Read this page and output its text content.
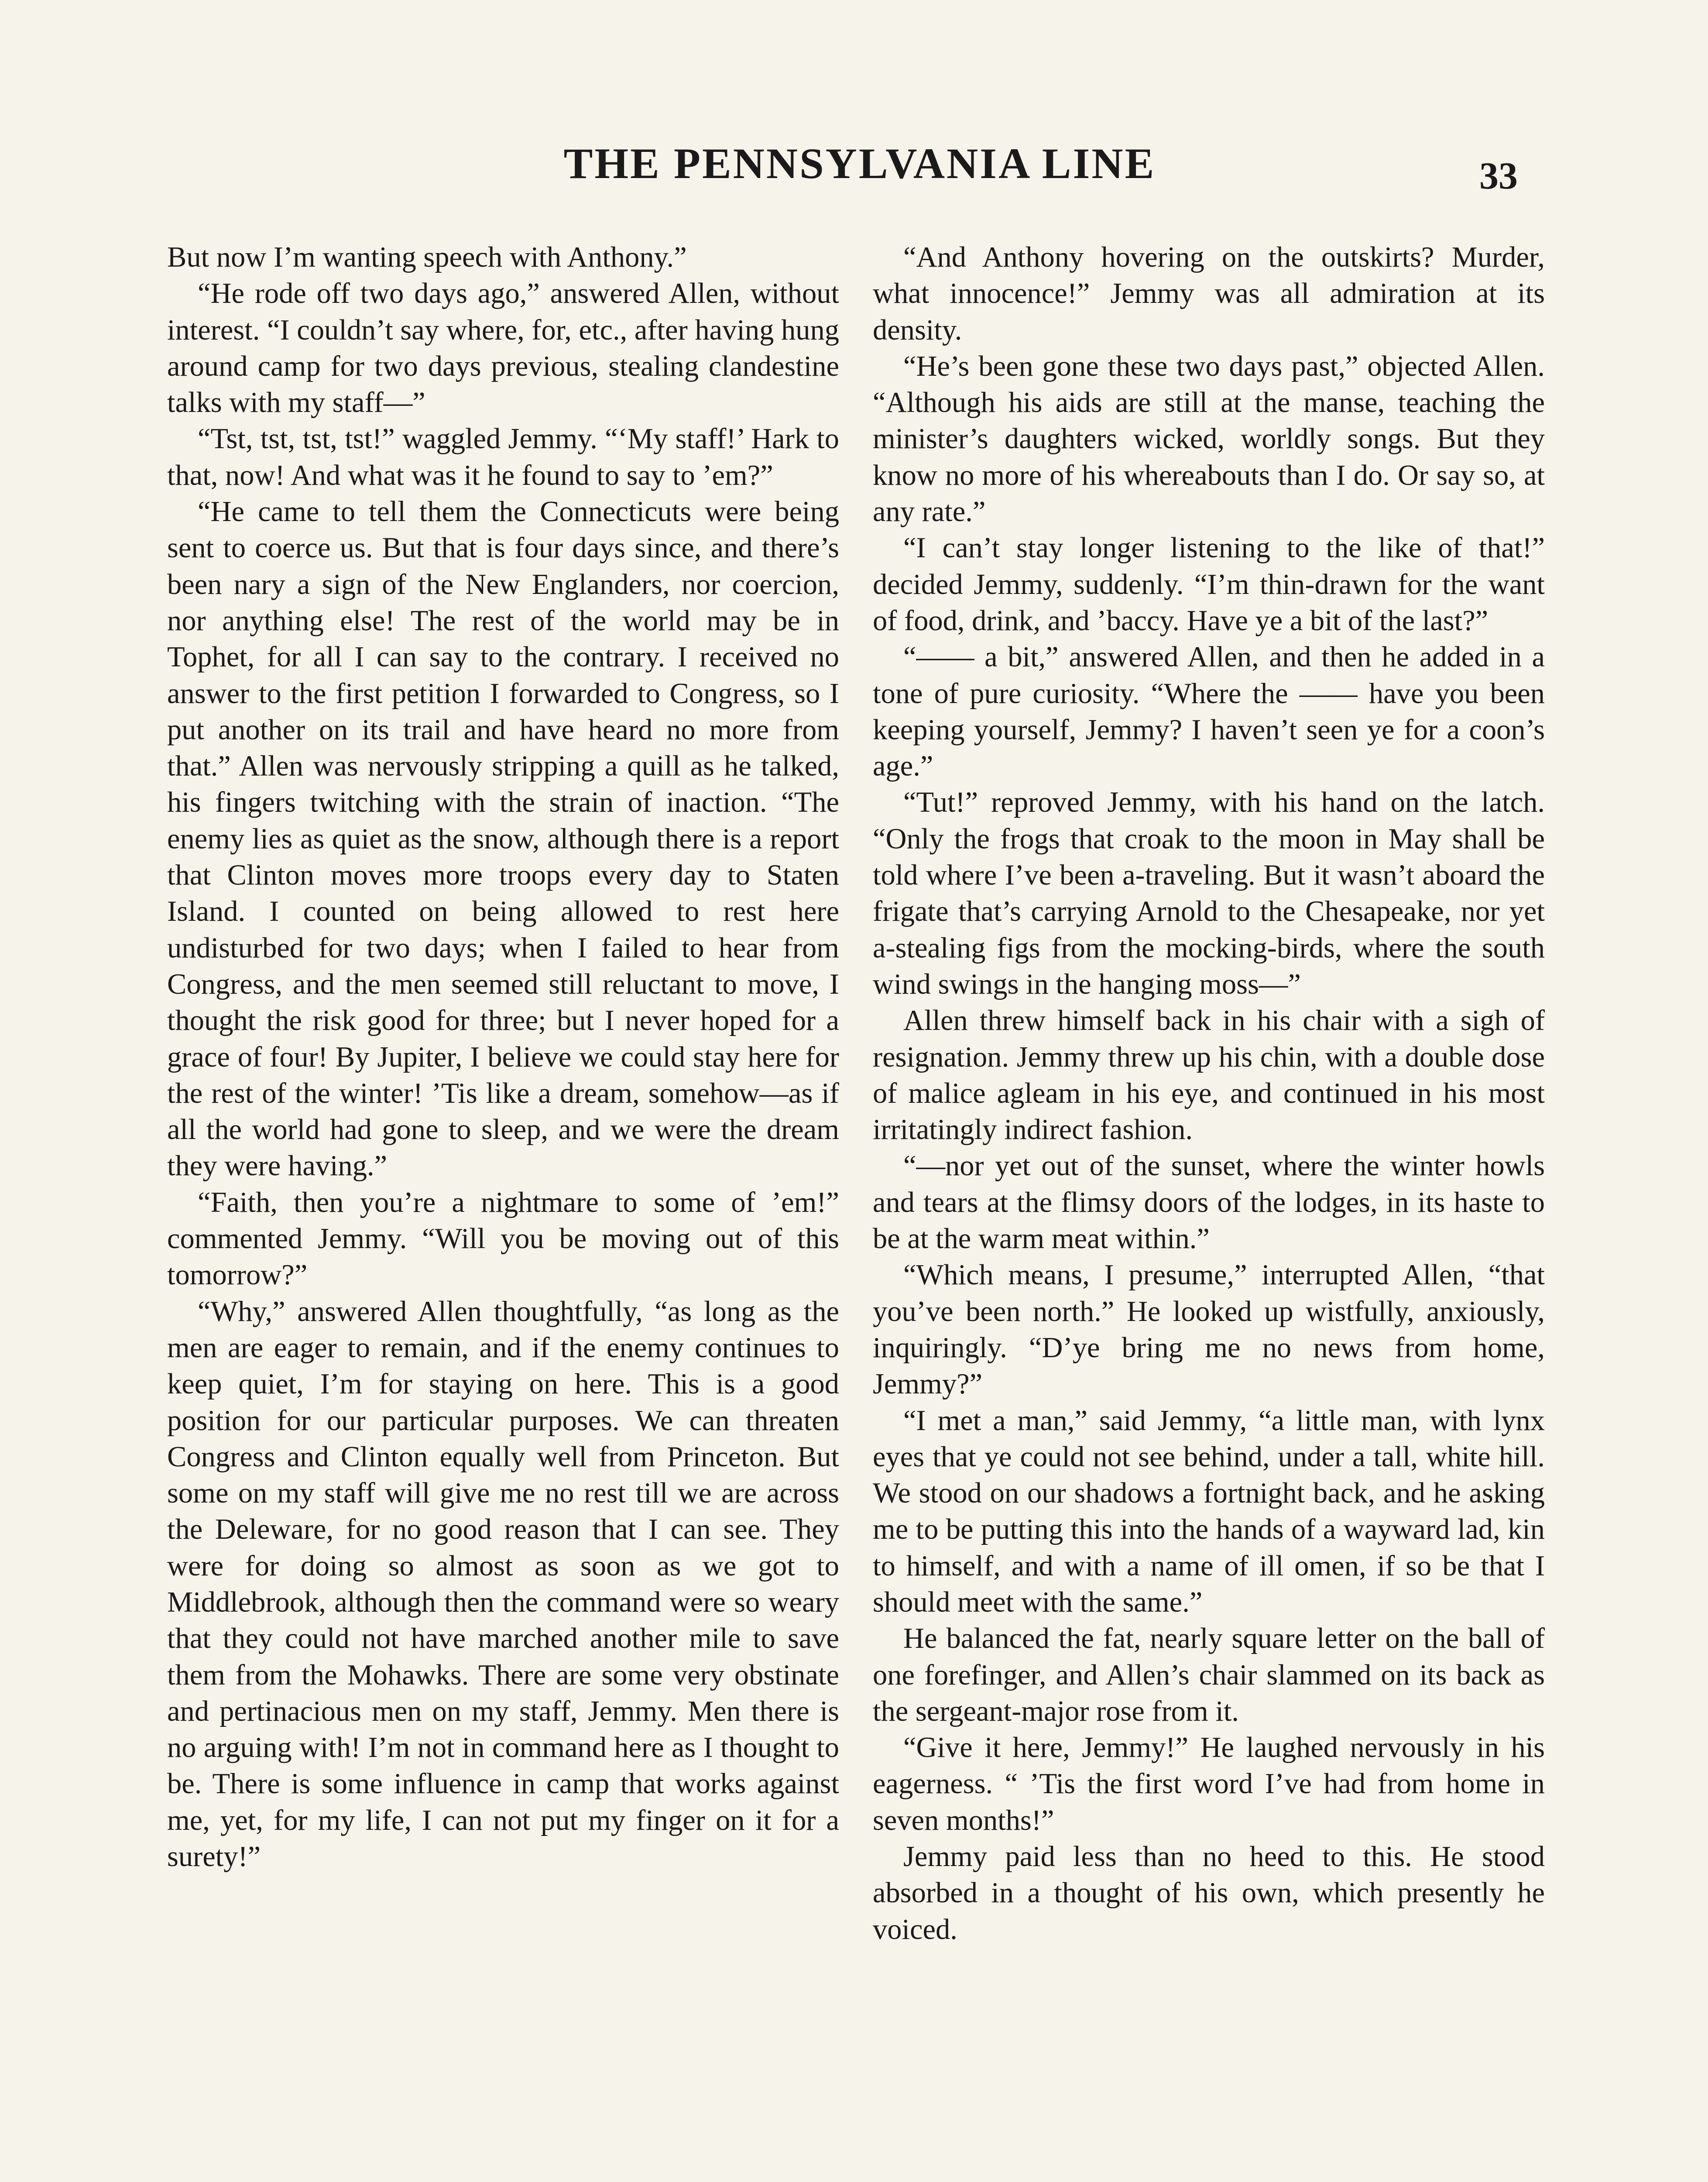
THE PENNSYLVANIA LINE	33

But now I’m wanting speech with Anthony.”

“He rode off two days ago,” answered Allen, without interest. “I couldn’t say where, for, etc., after having hung around camp for two days previous, stealing clandestine talks with my staff—”

“Tst, tst, tst, tst!” waggled Jemmy. “‘My staff!’ Hark to that, now! And what was it he found to say to ’em?”

“He came to tell them the Connecticuts were being sent to coerce us. But that is four days since, and there’s been nary a sign of the New Englanders, nor coercion, nor anything else! The rest of the world may be in Tophet, for all I can say to the contrary. I received no answer to the first petition I forwarded to Congress, so I put another on its trail and have heard no more from that.” Allen was nervously stripping a quill as he talked, his fingers twitching with the strain of inaction. “The enemy lies as quiet as the snow, although there is a report that Clinton moves more troops every day to Staten Island. I counted on being allowed to rest here undisturbed for two days; when I failed to hear from Congress, and the men seemed still reluctant to move, I thought the risk good for three; but I never hoped for a grace of four! By Jupiter, I believe we could stay here for the rest of the winter! ’Tis like a dream, somehow—as if all the world had gone to sleep, and we were the dream they were having.”

“Faith, then you’re a nightmare to some of ’em!” commented Jemmy. “Will you be moving out of this tomorrow?”

“Why,” answered Allen thoughtfully, “as long as the men are eager to remain, and if the enemy continues to keep quiet, I’m for staying on here. This is a good position for our particular purposes. We can threaten Congress and Clinton equally well from Princeton. But some on my staff will give me no rest till we are across the Deleware, for no good reason that I can see. They were for doing so almost as soon as we got to Middlebrook, although then the command were so weary that they could not have marched another mile to save them from the Mohawks. There are some very obstinate and pertinacious men on my staff, Jemmy. Men there is no arguing with! I’m not in command here as I thought to be. There is some influence in camp that works against me, yet, for my life, I can not put my finger on it for a surety!”

“And Anthony hovering on the outskirts? Murder, what innocence!” Jemmy was all admiration at its density.

“He’s been gone these two days past,” objected Allen. “Although his aids are still at the manse, teaching the minister’s daughters wicked, worldly songs. But they know no more of his whereabouts than I do. Or say so, at any rate.”

“I can’t stay longer listening to the like of that!” decided Jemmy, suddenly. “I’m thin-drawn for the want of food, drink, and ’baccy. Have ye a bit of the last?”

“—— a bit,” answered Allen, and then he added in a tone of pure curiosity. “Where the —— have you been keeping yourself, Jemmy? I haven’t seen ye for a coon’s age.”

“Tut!” reproved Jemmy, with his hand on the latch. “Only the frogs that croak to the moon in May shall be told where I’ve been a-traveling. But it wasn’t aboard the frigate that’s carrying Arnold to the Chesapeake, nor yet a-stealing figs from the mocking-birds, where the south wind swings in the hanging moss—”

Allen threw himself back in his chair with a sigh of resignation. Jemmy threw up his chin, with a double dose of malice agleam in his eye, and continued in his most irritatingly indirect fashion.

“—nor yet out of the sunset, where the winter howls and tears at the flimsy doors of the lodges, in its haste to be at the warm meat within.”

“Which means, I presume,” interrupted Allen, “that you’ve been north.” He looked up wistfully, anxiously, inquiringly. “D’ye bring me no news from home, Jemmy?”

“I met a man,” said Jemmy, “a little man, with lynx eyes that ye could not see behind, under a tall, white hill. We stood on our shadows a fortnight back, and he asking me to be putting this into the hands of a wayward lad, kin to himself, and with a name of ill omen, if so be that I should meet with the same.”

He balanced the fat, nearly square letter on the ball of one forefinger, and Allen’s chair slammed on its back as the sergeant-major rose from it.

“Give it here, Jemmy!” He laughed nervously in his eagerness. “ ’Tis the first word I’ve had from home in seven months!”

Jemmy paid less than no heed to this. He stood absorbed in a thought of his own, which presently he voiced.
